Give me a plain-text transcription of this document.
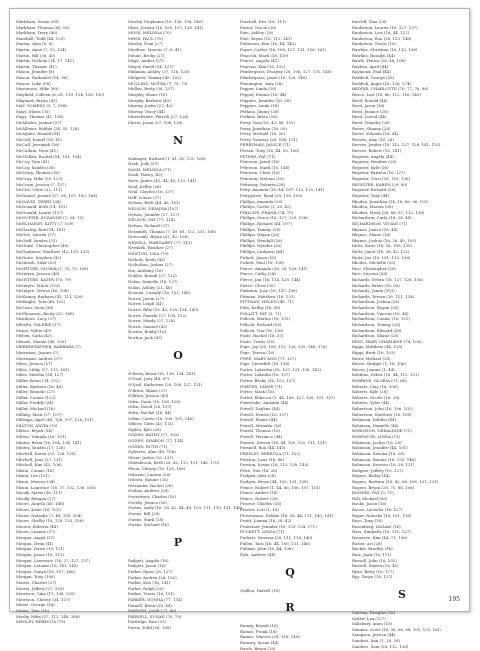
Markham, Susan (89)
Markham, Thomas (43, 89)
Markham, Terry (86)
Marshall, Todd (44, 129)
Martin, Alan (6, 8)
Martin, Anne (7, 15, 134)
Martin, Bill (38, 45)
Martin, Nichola (14, 17, 141)
Martin, Thomas (41)
Mason, Jennifer (8)
Mason, Nathaniel (14, 96)
Mason, Luke (98)
Masterson, Mike (89)
Mayfield, Colleen (8, 61, 119, 124, 128, 130)
Maynard, Bryan (43)
MAY COMEDY (5, 7, 108)
Mays, Maria (35)
Mays, Thomas (41, 106)
McAllister, Joanne (57)
McAllister, Robbie (34, 55, 128)
McAlpine, Ronald (34)
McCall, Daniel (38, 41)
McCall, Jeremiah (36)
McCallum, Nora (41)
McClellan, Rachel (54, 101, 104)
McCoy, Tom (41)
McCoy, Sandra (36)
McCrary, Thomas (58)
McCray, Mike (39, 123)
McCrum, Jessica (7, 137)
McCue, Chris (32, 111)
McDaniel, Jeanne (27, 98, 107, 162, 168)
McDAVID, TERRY (94)
McDonald, Beth (14, 101)
McDonald, Laurie (157)
McDUFFIE, SUZANNE (7, 34, 70)
McELHANEY, KITTY (7, 109)
McGarrity, Ron (14, 161)
McGee, Lauren (27)
McGriff, Sandra (31)
McGuire, Christopher (48)
McGuinness, Matthew (42, 109, 125)
McGuire, Stephen (42)
McIntosh, Mike (53)
McINTYRE, GLORIA (7, 70, 79, 108)
McIntyre, Jessica (48)
McINTYRE, KATHY (70, 79)
McIntyre, Mitch (133)
McIntyre, Teresa (16, 108)
McKinney, Barbara (43, 111, 128)
McKnight, Tom (48, 102)
McLean, Sean (36)
McPhearson, Becky (27, 168)
Meadows, Lucy (27)
MEARS, VALERIE (17)
Mears, Willie (43)
Melvin, Carla (41)
Menzie, Shante (48, 103)
MERRIWEATHER, BARBARA (7)
Merrimen, Jeanne (7)
Merriman, Andrea (37)
Miles, Jessica (27)
Miles, Libby (27, 115, 161)
Miles, Marsha (34, 127)
Miller, Brian (34, 132)
Miller, Barbara (16, 48)
Miller, Brandie (27)
Miller, Connie (122)
Miller, Freddy (34)
Miller, Michael (16)
Milling, Misti (27, 107)
Millsaps, April (48, 106, 107, 126, 151)
MILTON, ANITA (70)
Milton, Bryan (34)
Milton, Yolanda (16, 101)
Minter, Brian (16, 104, 134, 141)
Minter, Sandra (17, 126)
Mitchell, Karen (33, 128, 135)
Mitchell, Jane (27, 111)
Mitchell, Kim (42, 106)
Mixon, Connie (16)
Mixon, Lee (151)
Mixon, Marcus (34)
Mixon, Laurence (16, 37, 132, 136, 168)
Moody, Marie (36, 111)
Moody, Reagan (27)
Moore, Angela (48, 148)
Moore, Katie (16, 101)
Moore, Natasha (7, 48, 100, 164)
Moore, Shelby (16, 129, 133, 156)
Moorer, Roberta (44)
Moore, Luanne (27)
Morgan, Angel (37)
Morgan, Dena (41)
Morgan, Dawn (10, 111)
Morgan, Jason (16, 111)
Morgan, Lawrence (16, 27, 127, 137)
Morgan, Latonia (16, 141, 143)
Morgan, Sonya (16, 157, 168)
Morgan, Tony (108)
Morris, Charles (27)
Morris, Jeffrey (27, 105)
Morrison, Gina (17, 108, 135)
Morrison, Christy (34, 137)
Morse, George (56)
Morse, Tina (16)
Mosby, Mike (27, 112, 148, 168)
MOSLEY, REBECCA (70)
Mosley, Stephanie (16, 128, 138, 140)
Moss, Jessica (16, 108, 127, 128, 141)
MOSS, MELISSA (70)
MOSS, PAUL (70)
Mosley, Fran (27)
Moultrie, Marcus (7, 8, 41)
Mount, Becky (27)
Moye, Amber (27)
Moyer, David (34, 127)
Mulanax, Ashley (37, 116, 128)
Mulgrew, Tommy (49, 102)
MULLINS, MOYRA (7, 70, 79)
Mullen, Betty (36, 137)
Murphy, Shane (16)
Murphy, Barbara (45)
Murray, Justin (27, 42)
Murray, Tracy (44)
Musselwhite, Patrick (27, 126)
Myers, Jason (27, 106, 138)
N
Nabinger, Richard (1, 41, 81, 131, 168)
Nash, Jody (37)
NASH, MELISSA (71)
Nash, Nancy (42)
Nave, James (43, 44, 49, 133, 141)
Neal, Kelley (36)
Neal, Clayton (16, 137)
Neff, Louise (37)
Nelson, Beth (44, 46, 101)
NELSON, DEANNA (107)
Nelson, Jennifer (27, 127)
NELSON, PAT (77, 114)
Nelson, Richard (27)
Nessmith, Thomas (7, 49, 61, 112, 131, 168)
Newcomb, Bryan (27, 42, 106)
NEWELL, MARGARET (77, 113)
Newkirk, Heather (27)
NEWTON, LISA (70)
Nichols, Keith (43)
Nicholson, Joshua (27)
Nix, Anthony (16)
Nobles, Brandi (27, 112)
Nolan, Danielle (16, 137)
Nolan, Ashley (21, 48)
Noonan, Cassidy (16, 132, 148)
Norris, Justin (27)
Norris, Leigh (41)
Norris, Billy (16, 43, 128, 134, 143)
Norris, Pamela (27, 108, 152)
Norris, Mindy (27, 128)
Norris, Samuel (43)
Norton, Bobby (16)
Norton, Jack (43)
O
O'Berry, Brian (16, 130, 134, 141)
O'Neal, Joey (44, 67)
O'Neal, Katherine (28, 108, 127, 131)
O'Brien, Shane (27)
O'Brien, Jessica (49)
Oden, Dana (16, 108, 128)
Oden, David (28, 137)
Oden, Rachel (16, 44)
Odom, Carrie (16, 106, 131, 148)
Officer, Chris (43, 111)
Ogden, Kyle (28)
OGDEN, KATHY (71, 103)
OGDEN, SHARON (77, 114)
OGDEN, RUTH (71)
Ogletree, Alan (49, 106)
Oliver, Jackie (16, 137)
Oldenbrook, Beth (28, 42, 112, 131, 148, 170)
Olson, Christy (16, 128, 168)
Osborne, Lauren (28)
Osborn, Ronnie (35)
Ostrander, Rachel (28)
Outlaw, Andrew (28)
Overstreet, Charles (16)
Overby, Jessica (28)
Owens, Andy (16, 28, 42, 44, 49, 103, 111, 119, 131, 148)
Owens, Bill (28)
Owens, Mark (28)
Owens, Michael (16)
P
Padgett, Angela (16)
Padgett, Jason (16)
Parker, Ryan (28, 127)
Parker, Andrea (28, 132)
Parker, Kris (16, 141)
Parker, Ralph (28)
Parker, Travis (16, 101)
PARKER, DONNA (77, 114)
Parnell, Brian (28, 44)
PARRISH, JANE (71, 86)
PARNELL, SUSAN (70, 79)
Partridge, Kim (35)
Parris, Todd (28, 108)
Paschall, Eric (16, 111)
Pastor, Tracie (28)
Pate, Ashley (28)
Pate, Bryan (16, 112, 141)
Patterson, Kim (16, 44, 142)
Payne, Carlee (16, 108, 127, 131, 156, 161)
Peacock, Mark (16, 150)
Pearce, Angela (41)
Pearson, Kim (16, 132)
Pendergrass, Dwayne (28, 106, 127, 131, 148)
Pendergrass, Jason (16, 126, 148)
Pennington, Amy (28)
Pepper, Linda (28)
Pepper, Ronnie (16, 44)
Peppers, Jennifer (16, 38)
Peppers, Linda (16)
Perkins, Jimmy (28)
Perkins, Brian (16)
Perry, Tom (16, 42, 86, 101)
Perry, Jonathan (16, 50)
Perry, Michael (16, 50)
Perry, Vanessa (28, 106, 131)
PERRYMAN, JANICE (71)
Person, Tony (16, 44, 50, 106)
PETERS, PAT (71)
Peterson, Jared (16)
Peterson, Mark (16, 148)
Peterson, Chris (16)
Peterson, Melissa (16)
Pettaway, Roberta (28)
Petty, Amanda (16, 44, 107, 113, 125, 141)
Pettygrove, Brad (28, 108, 109)
Phillips, Amanda (28)
Phillips, Curtis (1, 28, 42)
PHILLIPS, FRANK (74, 75)
Phillips, Grace (16, 127, 129, 156)
Phillips, Richard (44, 107)
Phillips, Tammy (28)
Phillips, Wayne (28)
Phillips, Wendall (28)
Phillips, Wynder (28)
Phillips, Lashawn (44)
Pickett, Jason (28)
Pickett, Paul (16, 138)
Pierce, Amanda (16, 28, 126, 141)
Pierce, Cathy (28)
Pierce, Jan (16, 114, 128, 144)
Pierce, Chris (30)
Pinkston, Joey (16, 147, 156)
Pittman, Matthew (16, 133)
PITTMAN, HELEN (46, 71)
Pitts, Kelley (16, 98)
POLLITT, PAT (3, 71)
Pollock, Marlon (16, 133)
Pollock, Richard (28)
Pollock, Tim (16, 136)
Poole, Rachel (16, 37)
Poole, Travis (16)
Pope, Jay (28, 108, 113, 126, 135, 148, 176)
Pope, Teresa (16)
POPE, MARY ANN (71, 127)
Pope, Meredith (16, 138)
Porter, Lakeisha (16, 127, 131, 138, 141)
Porter, Lakesha (16, 137)
Porter, Becky (16, 102, 137)
PORTER, DIANE (71)
Porter, Mark (16)
Porter, Rebecca (1, 44, 106, 127, 128, 131, 137)
Pourreidie, Amanda (44)
Powell, Daphne (44)
Powell, Denise (16, 137)
Powell, Elaine (44)
Powell, Miranda (16)
Powell, Thomas (16)
Powell, Terrance (44)
Powers, Steven (16, 44, 100, 102, 111, 131)
Presnell, Ron (44, 145)
PRESLEY, REBECCA (71, 122)
Preston, Lane (16, 86)
Preston, Susan (16, 113, 138, 140)
Price, Don (16, 28)
Pridgen, Alex (28)
Pridgen, Kevin (44, 120, 131, 138)
Prince, Robert (1, 44, 86, 106, 107, 131)
Prince, Amber (16)
Prince, Robert (28)
Proctor, Charles (28)
Proctor, Lori (1, 16)
Provenzano, Debbie (16, 28, 44, 111, 140, 141)
Pruitt, Joanna (16, 28, 42)
Pruessner, Jennifer (16, 133, 134, 171)
PUCKETT, LINDA (71)
Puckett, Vanessa (28, 111, 118, 140)
Pullen, Tara (16, 44, 106, 131, 146)
Pulliam, John (16, 44, 106)
Pyle, Andrew (44)
Q
Quillen, Darrell (16)
R
Ramey, Brandi (16)
Ramos, Frank (16)
Ramos, Marcus (28, 116, 140)
Ramsey, Susan (44)
Rawls, Bryan (28)
Ratcliff, Tina (28)
Raulerson, Lauren (16, 127, 137)
Raulerson, Lori (16, 44, 127)
Raulerson, Ron (28, 133, 148)
Raulerson, Travis (16)
Rawlins, Christina (16, 112, 136)
Rawlins, Rosalyn (44)
Rawls, Tenisa (16, 48, 106)
Raybon, April (44)
Raymond, Paul (44)
Reddick, George (28)
Reddick, Angie (16, 126, 174)
REDDIE, CHARLOTTE (70, 77, 78, 86)
Reece, Lori (16, 86, 112, 116, 140)
Reed, Ronald (44)
Reed, Jason (16)
Reed, Jeanice (28)
Reed, Loreal (44)
Reed, Timothy (28)
Reese, Shanna (28)
Reese, Yolanda (16, 44)
Reeves, Amy (16, 28)
Reeves, Jenifer (16, 112, 127, 128, 141, 152)
Reeves, Robert (16, 141)
Register, Angela (44)
Register, Heather (28)
Register, Kyle (16)
Register, Patricia (16, 127)
Register, Traci (28, 116, 136)
REGISTER, KAREN (29, 80)
Register, Richard (28)
Register, Toby (44)
Rhoden, Jonathan (14, 16, 86, 96, 101)
Rhoden, Marion (28)
Rhoden, Misty (28, 86, 87, 112, 138)
Richardson, Carla (16, 28, 44)
RICHARDSON, VIVIAN (71)
Rhynes, Janice (16, 44)
Rhynes, Shane (16)
Rhynes, Joshua (16, 28, 40, 103)
Ricks, Katie (16, 28, 108, 135)
Ricks, Janet (16, 36, 42, 122)
Ricks, Joe (16, 101, 113, 136)
Rhodes, Michelle (28)
Rice, Christopher (28)
Rice, Vincent (28)
Richards, Debra (16, 127, 128, 156)
Richards, Brent (16, 36)
Richards, Jamie (101)
Richards, Teresa (16, 111, 128)
Richardson, Joshua (28)
Richardson, Rogan (28)
Richardson, Vincent (16, 44)
Richardson, Connie (16, 101)
Richardson, Tommy (28)
Richardson, Edward (28)
Richardson, Shane (28)
RING, MARY CHARLENE (74, 106)
Riggs, Matthew (44, 128)
Riggs, Brett (16, 103)
Ritter, Michael (28)
Rivers, Bridget (1, 16, 106)
Rivers, Joanne (1, 44)
Robbins, Debra (16, 44, 112, 131)
ROBBINS, GLORIA (71, 86)
Roberts, Clay (16, 106)
Roberts, Kyle (28)
Roberts, Nicole (16, 28)
Roberts, Tyler (44)
Robertson, John (16, 106, 101)
Robertson, Matthew (16, 108)
Robinson, Debbie (44)
Robinson, Danielle (44)
ROBINSON, GERALDINE (71)
ROBINSON, LINDA (71)
Robinson, Jaclyn (16, 28)
Robinson, Jennifer (44, 101)
Robinson, Katrina (16, 28)
Robinson, Ronnie (16, 133, 148)
Robinson, Rosetta (16, 28, 111)
Rodgers, Jeffrey (16, 127)
Rogers, Bailey (44)
Rogers, Barbara (16, 42, 86, 106, 107, 131)
Rogers, Bryan (28, 71, 86, 106)
ROGERS, PAT (3, 71)
Roll, Michael (28)
Rooks, Jason (16)
Roose, Lacrisha (16, 127)
Roper, Natasha (16, 101, 138)
Rose, Tony (16)
Rosenberg, Michael (16)
Ross, Kimberly (16, 111, 127)
Rountree, Kim (44, 71, 106)
Rozier, Ari (28)
Rucker, Bradley (16)
Ruiz, Juan (16, 111)
Russell, John (16, 101)
Russell, Shawn (16, 42)
Ryan, Betty (16, 177)
Ryz, Tanya (16, 127)
S
Sabrina, Douglas (28)
Sadler, Lyn (127)
Salisbury, Anita (16)
Sammis, Scott (16, 36, 66, 88, 101, 131, 161)
Sampson, Jessica (44)
Sanders, Ann (1, 28, 38)
Sanders, Sam (28, 112, 136)
195
